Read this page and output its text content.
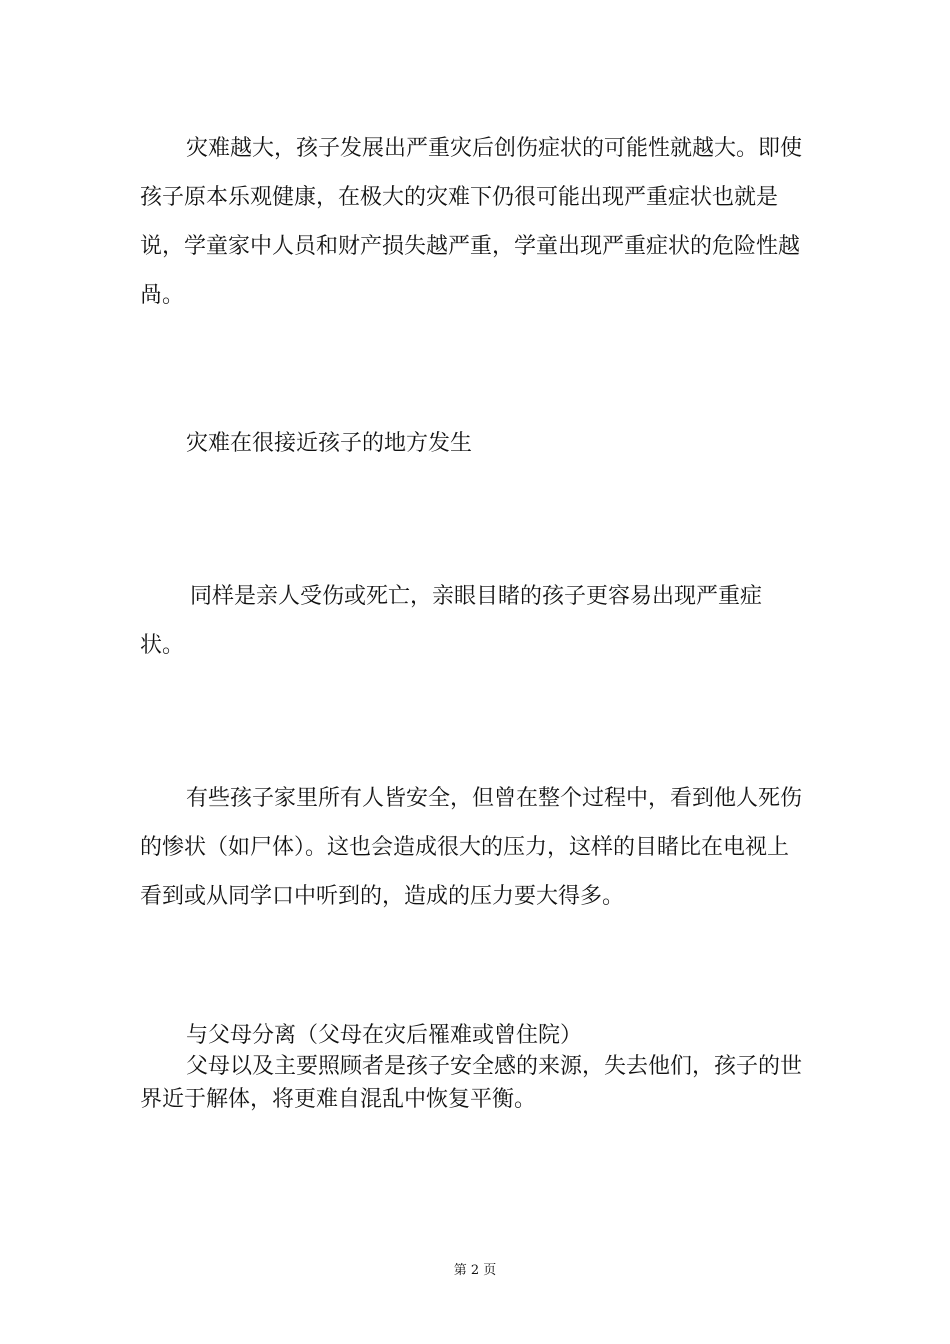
灾难越大，孩子发展出严重灾后创伤症状的可能性就越大。即使孩子原本乐观健康，在极大的灾难下仍很可能出现严重症状也就是说，学童家中人员和财产损失越严重，学童出现严重症状的危险性越咼。

灾难在很接近孩子的地方发生

同样是亲人受伤或死亡，亲眼目睹的孩子更容易出现严重症状。

有些孩子家里所有人皆安全，但曾在整个过程中，看到他人死伤的惨状（如尸体）。这也会造成很大的压力，这样的目睹比在电视上看到或从同学口中听到的，造成的压力要大得多。

与父母分离（父母在灾后罹难或曾住院）

父母以及主要照顾者是孩子安全感的来源，失去他们，孩子的世界近于解体，将更难自混乱中恢复平衡。

第 2 页
